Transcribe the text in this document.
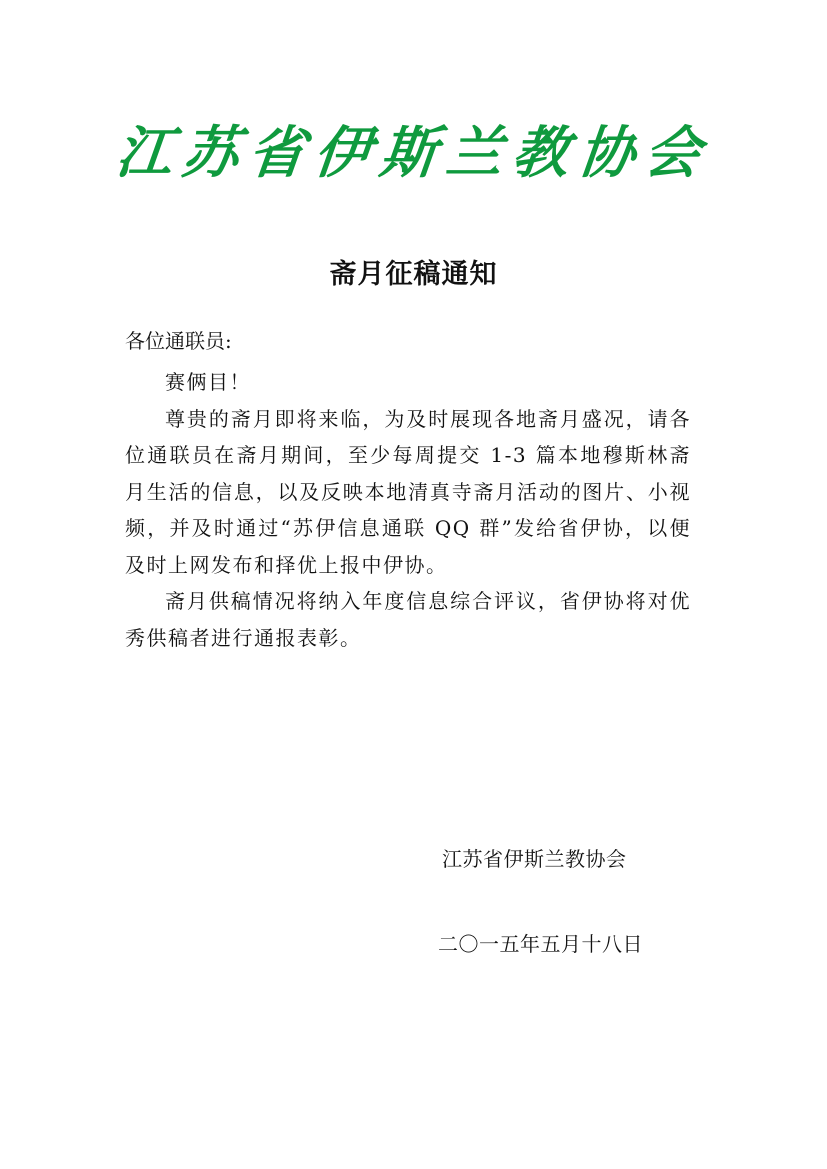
江苏省伊斯兰教协会
斋月征稿通知
各位通联员:

赛俩目！

尊贵的斋月即将来临，为及时展现各地斋月盛况，请各位通联员在斋月期间，至少每周提交 1-3 篇本地穆斯林斋月生活的信息，以及反映本地清真寺斋月活动的图片、小视频，并及时通过“苏伊信息通联 QQ 群”发给省伊协，以便及时上网发布和择优上报中伊协。

斋月供稿情况将纳入年度信息综合评议，省伊协将对优秀供稿者进行通报表彰。

江苏省伊斯兰教协会
二〇一五年五月十八日
